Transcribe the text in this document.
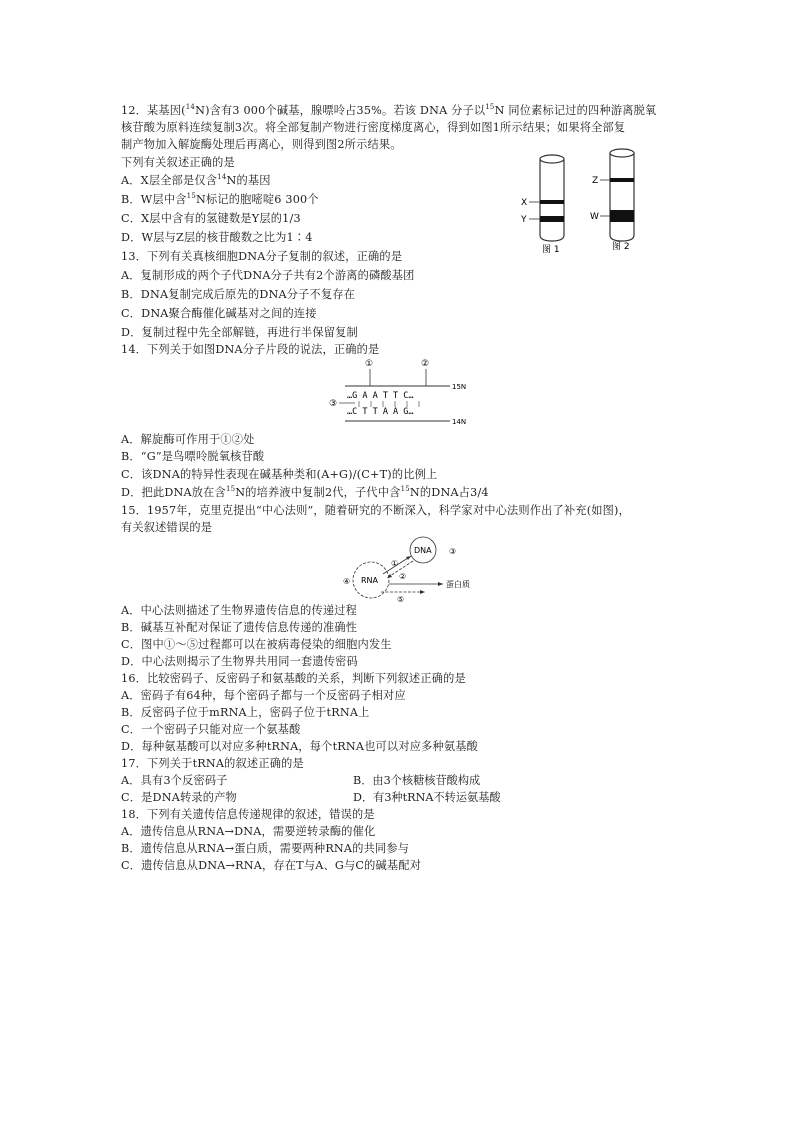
12．某基因($^{14}$N)含有3 000个碱基，腺嘌呤占35%。若该 DNA 分子以$^{15}$N 同位素标记过的四种游离脱氧
核苷酸为原料连续复制3次。将全部复制产物进行密度梯度离心，得到如图1所示结果；如果将全部复
制产物加入解旋酶处理后再离心，则得到图2所示结果。
下列有关叙述正确的是
A．X层全部是仅含$^{14}$N的基因
B．W层中含$^{15}$N标记的胞嘧啶6 300个
C．X层中含有的氢键数是Y层的1/3
D．W层与Z层的核苷酸数之比为1∶4
X
Y
图 1
Z
W
图 2
13．下列有关真核细胞DNA分子复制的叙述，正确的是
A．复制形成的两个子代DNA分子共有2个游离的磷酸基团
B．DNA复制完成后原先的DNA分子不复存在
C．DNA聚合酶催化碱基对之间的连接
D．复制过程中先全部解链，再进行半保留复制
14．下列关于如图DNA分子片段的说法，正确的是
①	②
15N
…G A A T T C…
③
…C T T A A G…
14N
A．解旋酶可作用于①②处
B．“G”是鸟嘌呤脱氧核苷酸
C．该DNA的特异性表现在碱基种类和(A+G)/(C+T)的比例上
D．把此DNA放在含$^{15}$N的培养液中复制2代，子代中含$^{15}$N的DNA占3/4
15．1957年，克里克提出“中心法则”，随着研究的不断深入，科学家对中心法则作出了补充(如图)，
有关叙述错误的是
DNA ③
RNA
④
①
②
蛋白质
⑤
A．中心法则描述了生物界遗传信息的传递过程
B．碱基互补配对保证了遗传信息传递的准确性
C．图中①～⑤过程都可以在被病毒侵染的细胞内发生
D．中心法则揭示了生物界共用同一套遗传密码
16．比较密码子、反密码子和氨基酸的关系，判断下列叙述正确的是
A．密码子有64种，每个密码子都与一个反密码子相对应
B．反密码子位于mRNA上，密码子位于tRNA上
C．一个密码子只能对应一个氨基酸
D．每种氨基酸可以对应多种tRNA，每个tRNA也可以对应多种氨基酸
17．下列关于tRNA的叙述正确的是
A．具有3个反密码子	B．由3个核糖核苷酸构成
C．是DNA转录的产物	D．有3种tRNA不转运氨基酸
18．下列有关遗传信息传递规律的叙述，错误的是
A．遗传信息从RNA→DNA，需要逆转录酶的催化
B．遗传信息从RNA→蛋白质，需要两种RNA的共同参与
C．遗传信息从DNA→RNA，存在T与A、G与C的碱基配对
